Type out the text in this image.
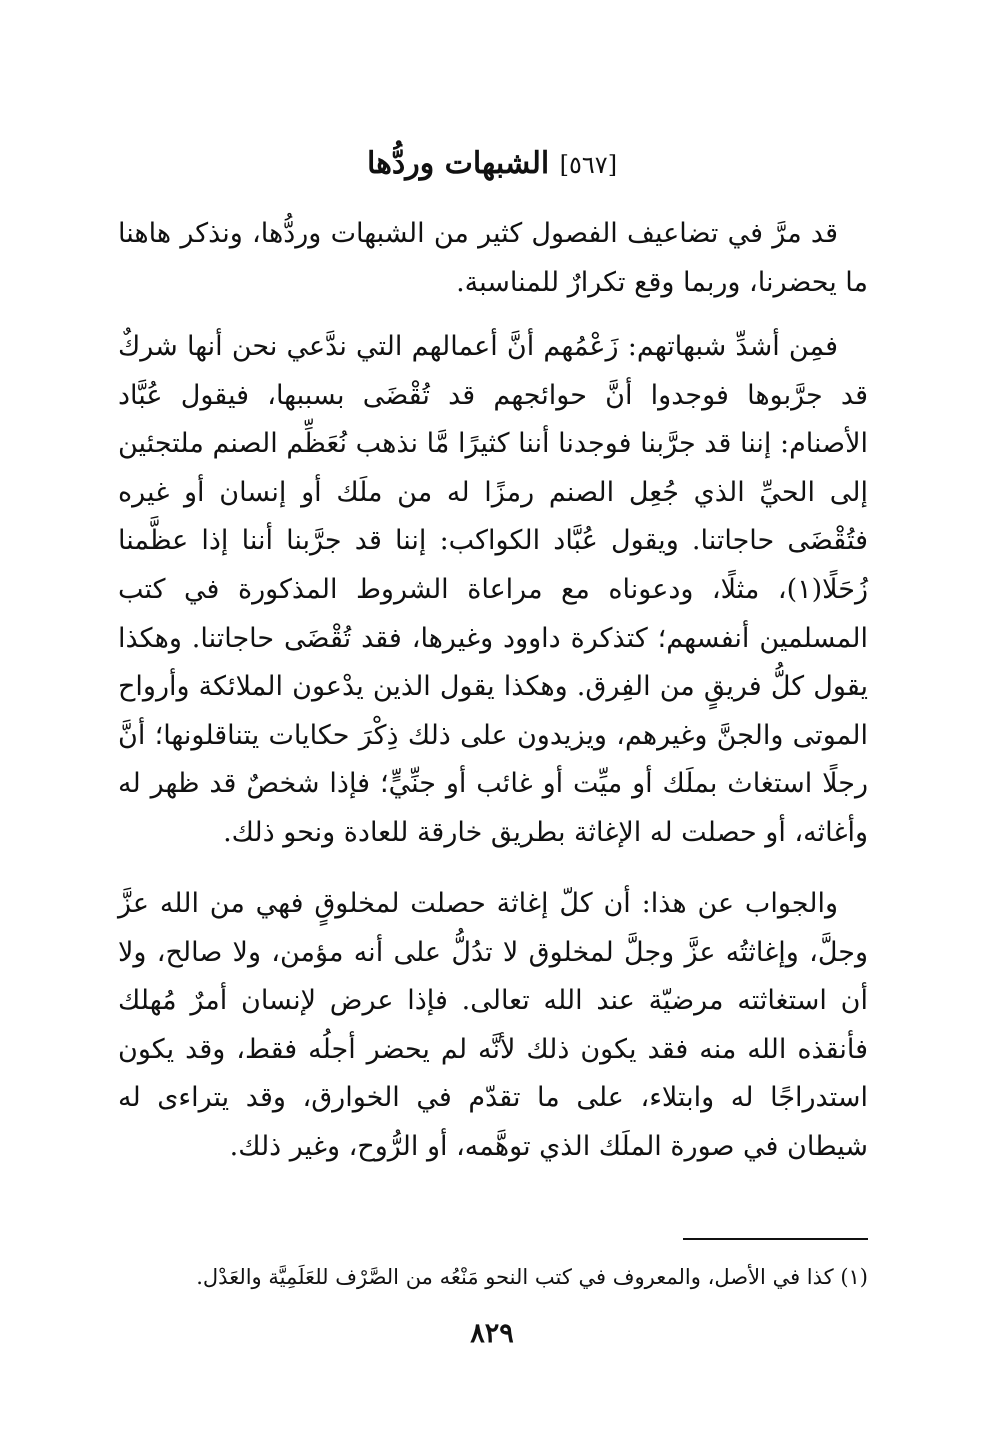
[٥٦٧] الشبهات وردُّها

قد مرَّ في تضاعيف الفصول كثير من الشبهات وردُّها، ونذكر هاهنا ما يحضرنا، وربما وقع تكرارٌ للمناسبة.

فمِن أشدِّ شبهاتهم: زَعْمُهم أنَّ أعمالهم التي ندَّعي نحن أنها شركٌ قد جرَّبوها فوجدوا أنَّ حوائجهم قد تُقْضَى بسببها، فيقول عُبَّاد الأصنام: إننا قد جرَّبنا فوجدنا أننا كثيرًا مَّا نذهب نُعَظِّم الصنم ملتجئين إلى الحيِّ الذي جُعِل الصنم رمزًا له من ملَك أو إنسان أو غيره فتُقْضَى حاجاتنا. ويقول عُبَّاد الكواكب: إننا قد جرَّبنا أننا إذا عظَّمنا زُحَلًا(١)، مثلًا، ودعوناه مع مراعاة الشروط المذكورة في كتب المسلمين أنفسهم؛ كتذكرة داوود وغيرها، فقد تُقْضَى حاجاتنا. وهكذا يقول كلُّ فريقٍ من الفِرق. وهكذا يقول الذين يدْعون الملائكة وأرواح الموتى والجنَّ وغيرهم، ويزيدون على ذلك ذِكْرَ حكايات يتناقلونها؛ أنَّ رجلًا استغاث بملَك أو ميِّت أو غائب أو جنِّيٍّ؛ فإذا شخصٌ قد ظهر له وأغاثه، أو حصلت له الإغاثة بطريق خارقة للعادة ونحو ذلك.

والجواب عن هذا: أن كلّ إغاثة حصلت لمخلوقٍ فهي من الله عزَّ وجلَّ، وإغاثتُه عزَّ وجلَّ لمخلوق لا تدُلُّ على أنه مؤمن، ولا صالح، ولا أن استغاثته مرضيّة عند الله تعالى. فإذا عرض لإنسان أمرٌ مُهلك فأنقذه الله منه فقد يكون ذلك لأنَّه لم يحضر أجلُه فقط، وقد يكون استدراجًا له وابتلاء، على ما تقدّم في الخوارق، وقد يتراءى له شيطان في صورة الملَك الذي توهَّمه، أو الرُّوح، وغير ذلك.

(١) كذا في الأصل، والمعروف في كتب النحو مَنْعُه من الصَّرْف للعَلَمِيَّة والعَدْل.
٨٢٩
